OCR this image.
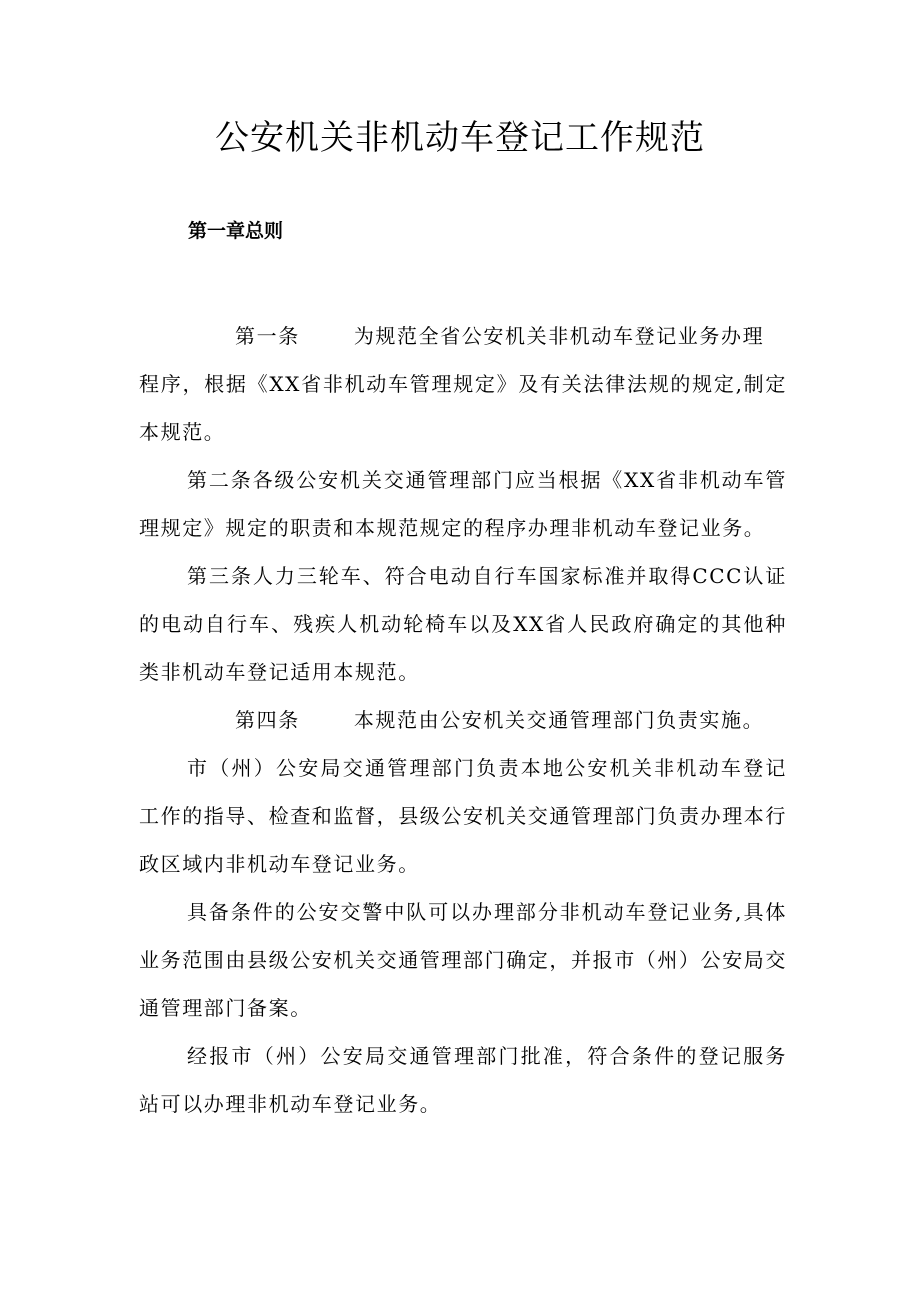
公安机关非机动车登记工作规范
第一章总则

第一条	为规范全省公安机关非机动车登记业务办理
程序，根据《XX省非机动车管理规定》及有关法律法规的规定,制定本规范。

第二条各级公安机关交通管理部门应当根据《XX省非机动车管理规定》规定的职责和本规范规定的程序办理非机动车登记业务。

第三条人力三轮车、符合电动自行车国家标准并取得CCC认证的电动自行车、残疾人机动轮椅车以及XX省人民政府确定的其他种类非机动车登记适用本规范。

第四条	本规范由公安机关交通管理部门负责实施。

市（州）公安局交通管理部门负责本地公安机关非机动车登记工作的指导、检查和监督，县级公安机关交通管理部门负责办理本行政区域内非机动车登记业务。

具备条件的公安交警中队可以办理部分非机动车登记业务,具体业务范围由县级公安机关交通管理部门确定，并报市（州）公安局交通管理部门备案。

经报市（州）公安局交通管理部门批准，符合条件的登记服务站可以办理非机动车登记业务。
